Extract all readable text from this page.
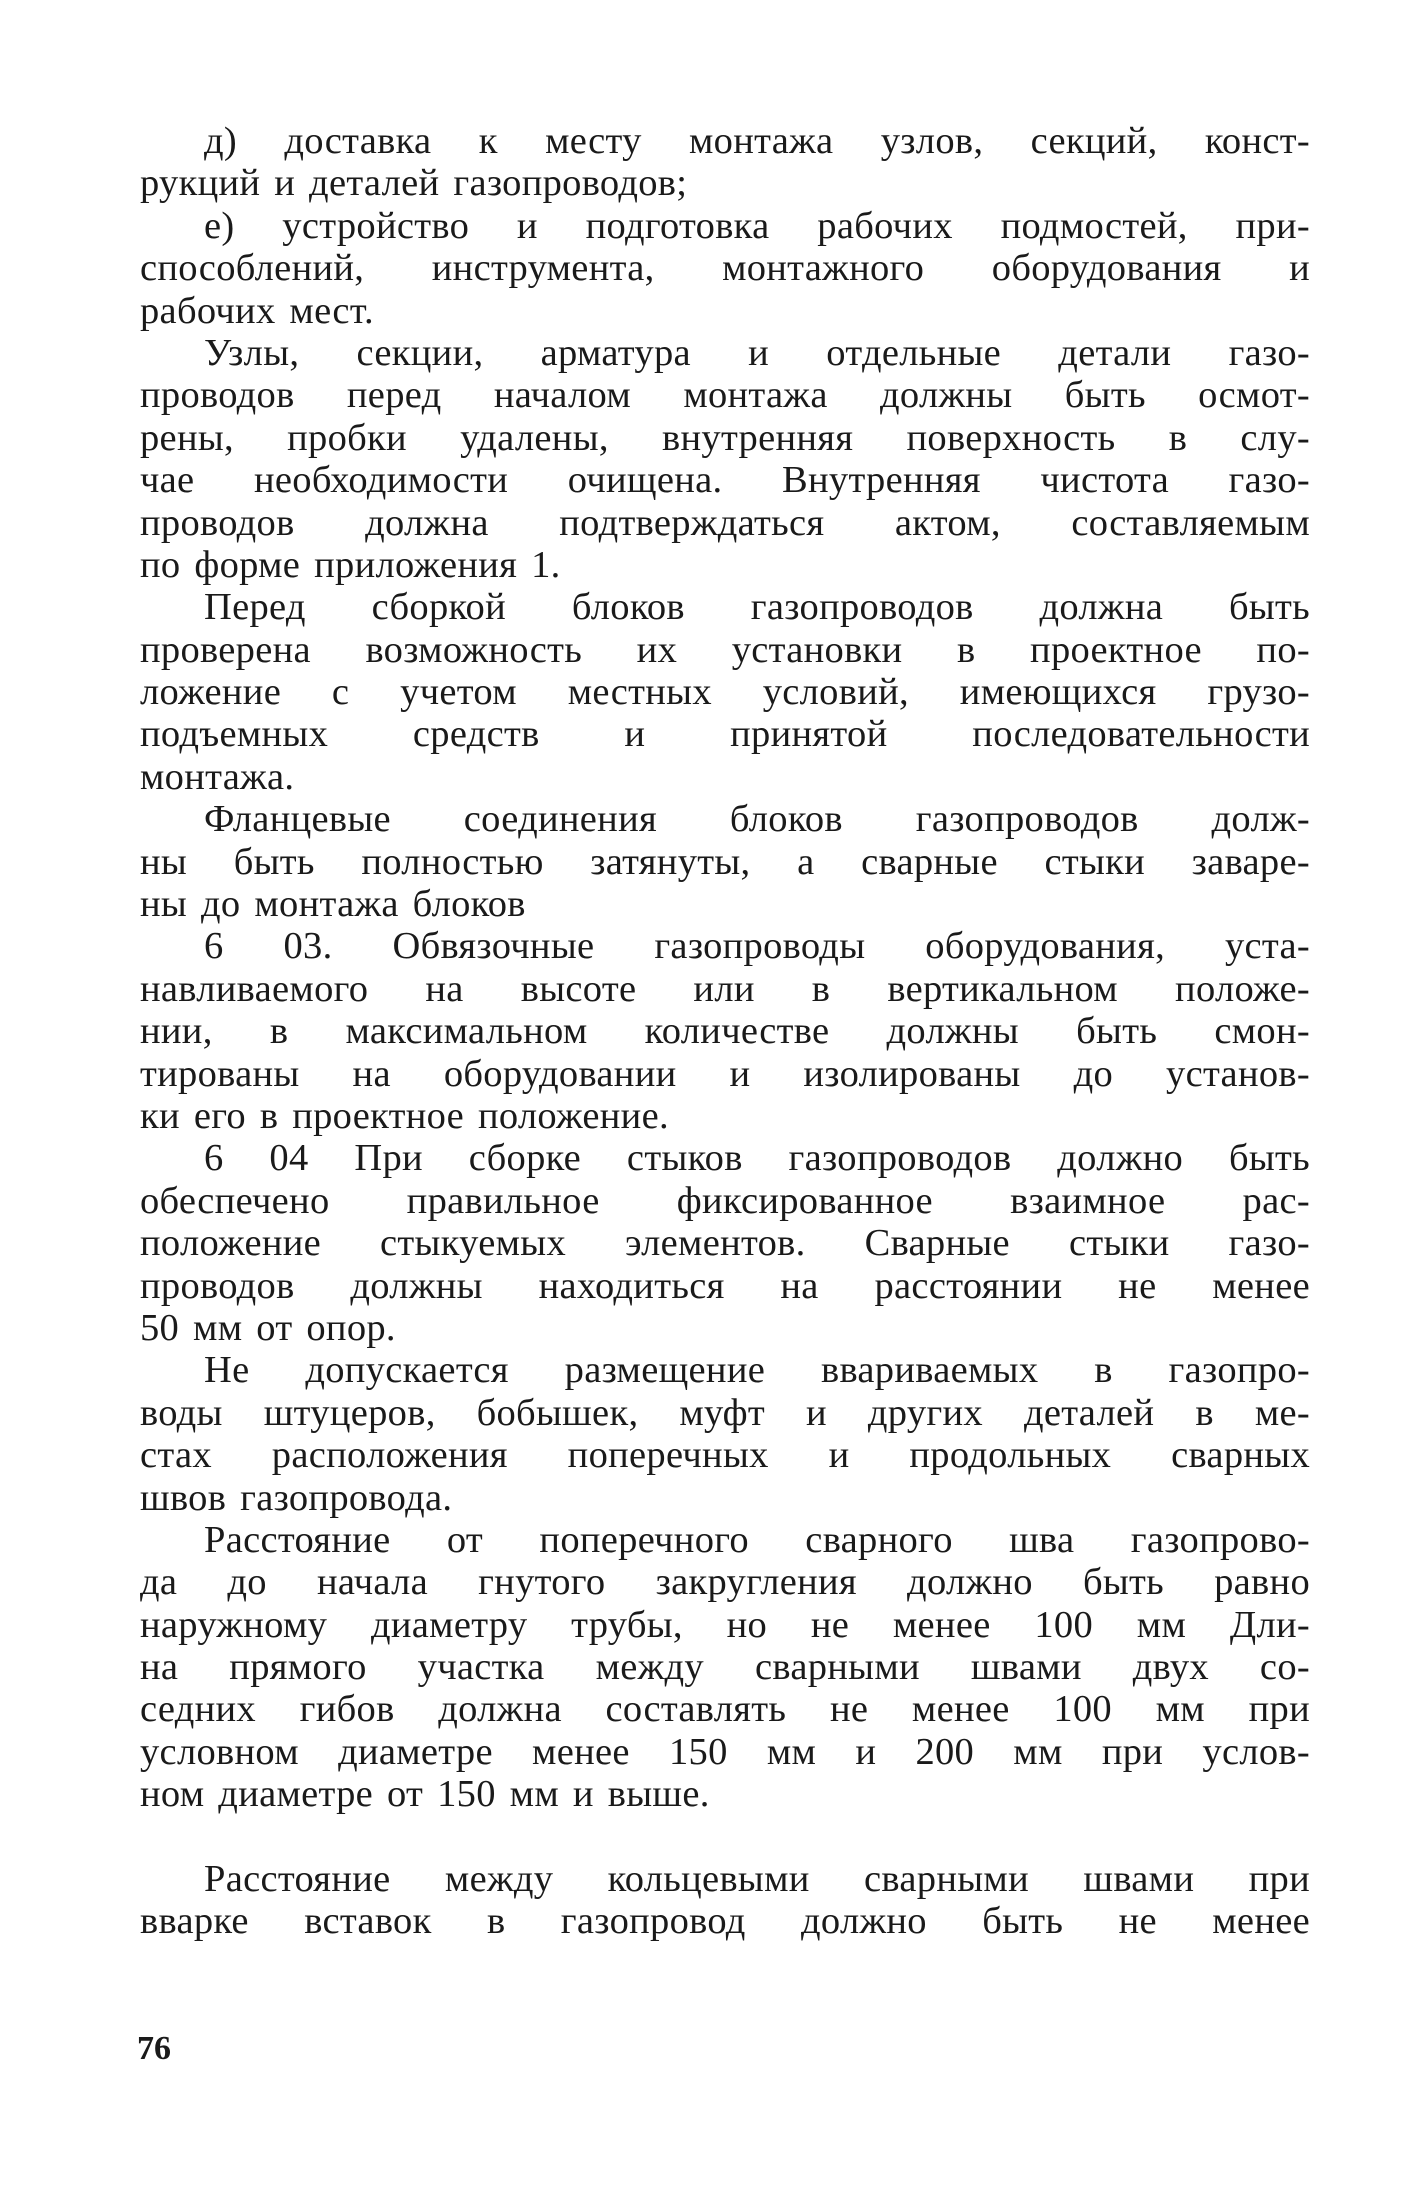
д) доставка к месту монтажа узлов, секций, конст-
рукций и деталей газопроводов;
е) устройство и подготовка рабочих подмостей, при-
способлений, инструмента, монтажного оборудования и
рабочих мест.
Узлы, секции, арматура и отдельные детали газо-
проводов перед началом монтажа должны быть осмот-
рены, пробки удалены, внутренняя поверхность в слу-
чае необходимости очищена. Внутренняя чистота газо-
проводов должна подтверждаться актом, составляемым
по форме приложения 1.
Перед сборкой блоков газопроводов должна быть
проверена возможность их установки в проектное по-
ложение с учетом местных условий, имеющихся грузо-
подъемных средств и принятой последовательности
монтажа.
Фланцевые соединения блоков газопроводов долж-
ны быть полностью затянуты, а сварные стыки заваре-
ны до монтажа блоков
6 03. Обвязочные газопроводы оборудования, уста-
навливаемого на высоте или в вертикальном положе-
нии, в максимальном количестве должны быть смон-
тированы на оборудовании и изолированы до установ-
ки его в проектное положение.
6 04 При сборке стыков газопроводов должно быть
обеспечено правильное фиксированное взаимное рас-
положение стыкуемых элементов. Сварные стыки газо-
проводов должны находиться на расстоянии не менее
50 мм от опор.
Не допускается размещение ввариваемых в газопро-
воды штуцеров, бобышек, муфт и других деталей в ме-
стах расположения поперечных и продольных сварных
швов газопровода.
Расстояние от поперечного сварного шва газопрово-
да до начала гнутого закругления должно быть равно
наружному диаметру трубы, но не менее 100 мм Дли-
на прямого участка между сварными швами двух со-
седних гибов должна составлять не менее 100 мм при
условном диаметре менее 150 мм и 200 мм при услов-
ном диаметре от 150 мм и выше.
Расстояние между кольцевыми сварными швами при
вварке вставок в газопровод должно быть не менее
76
